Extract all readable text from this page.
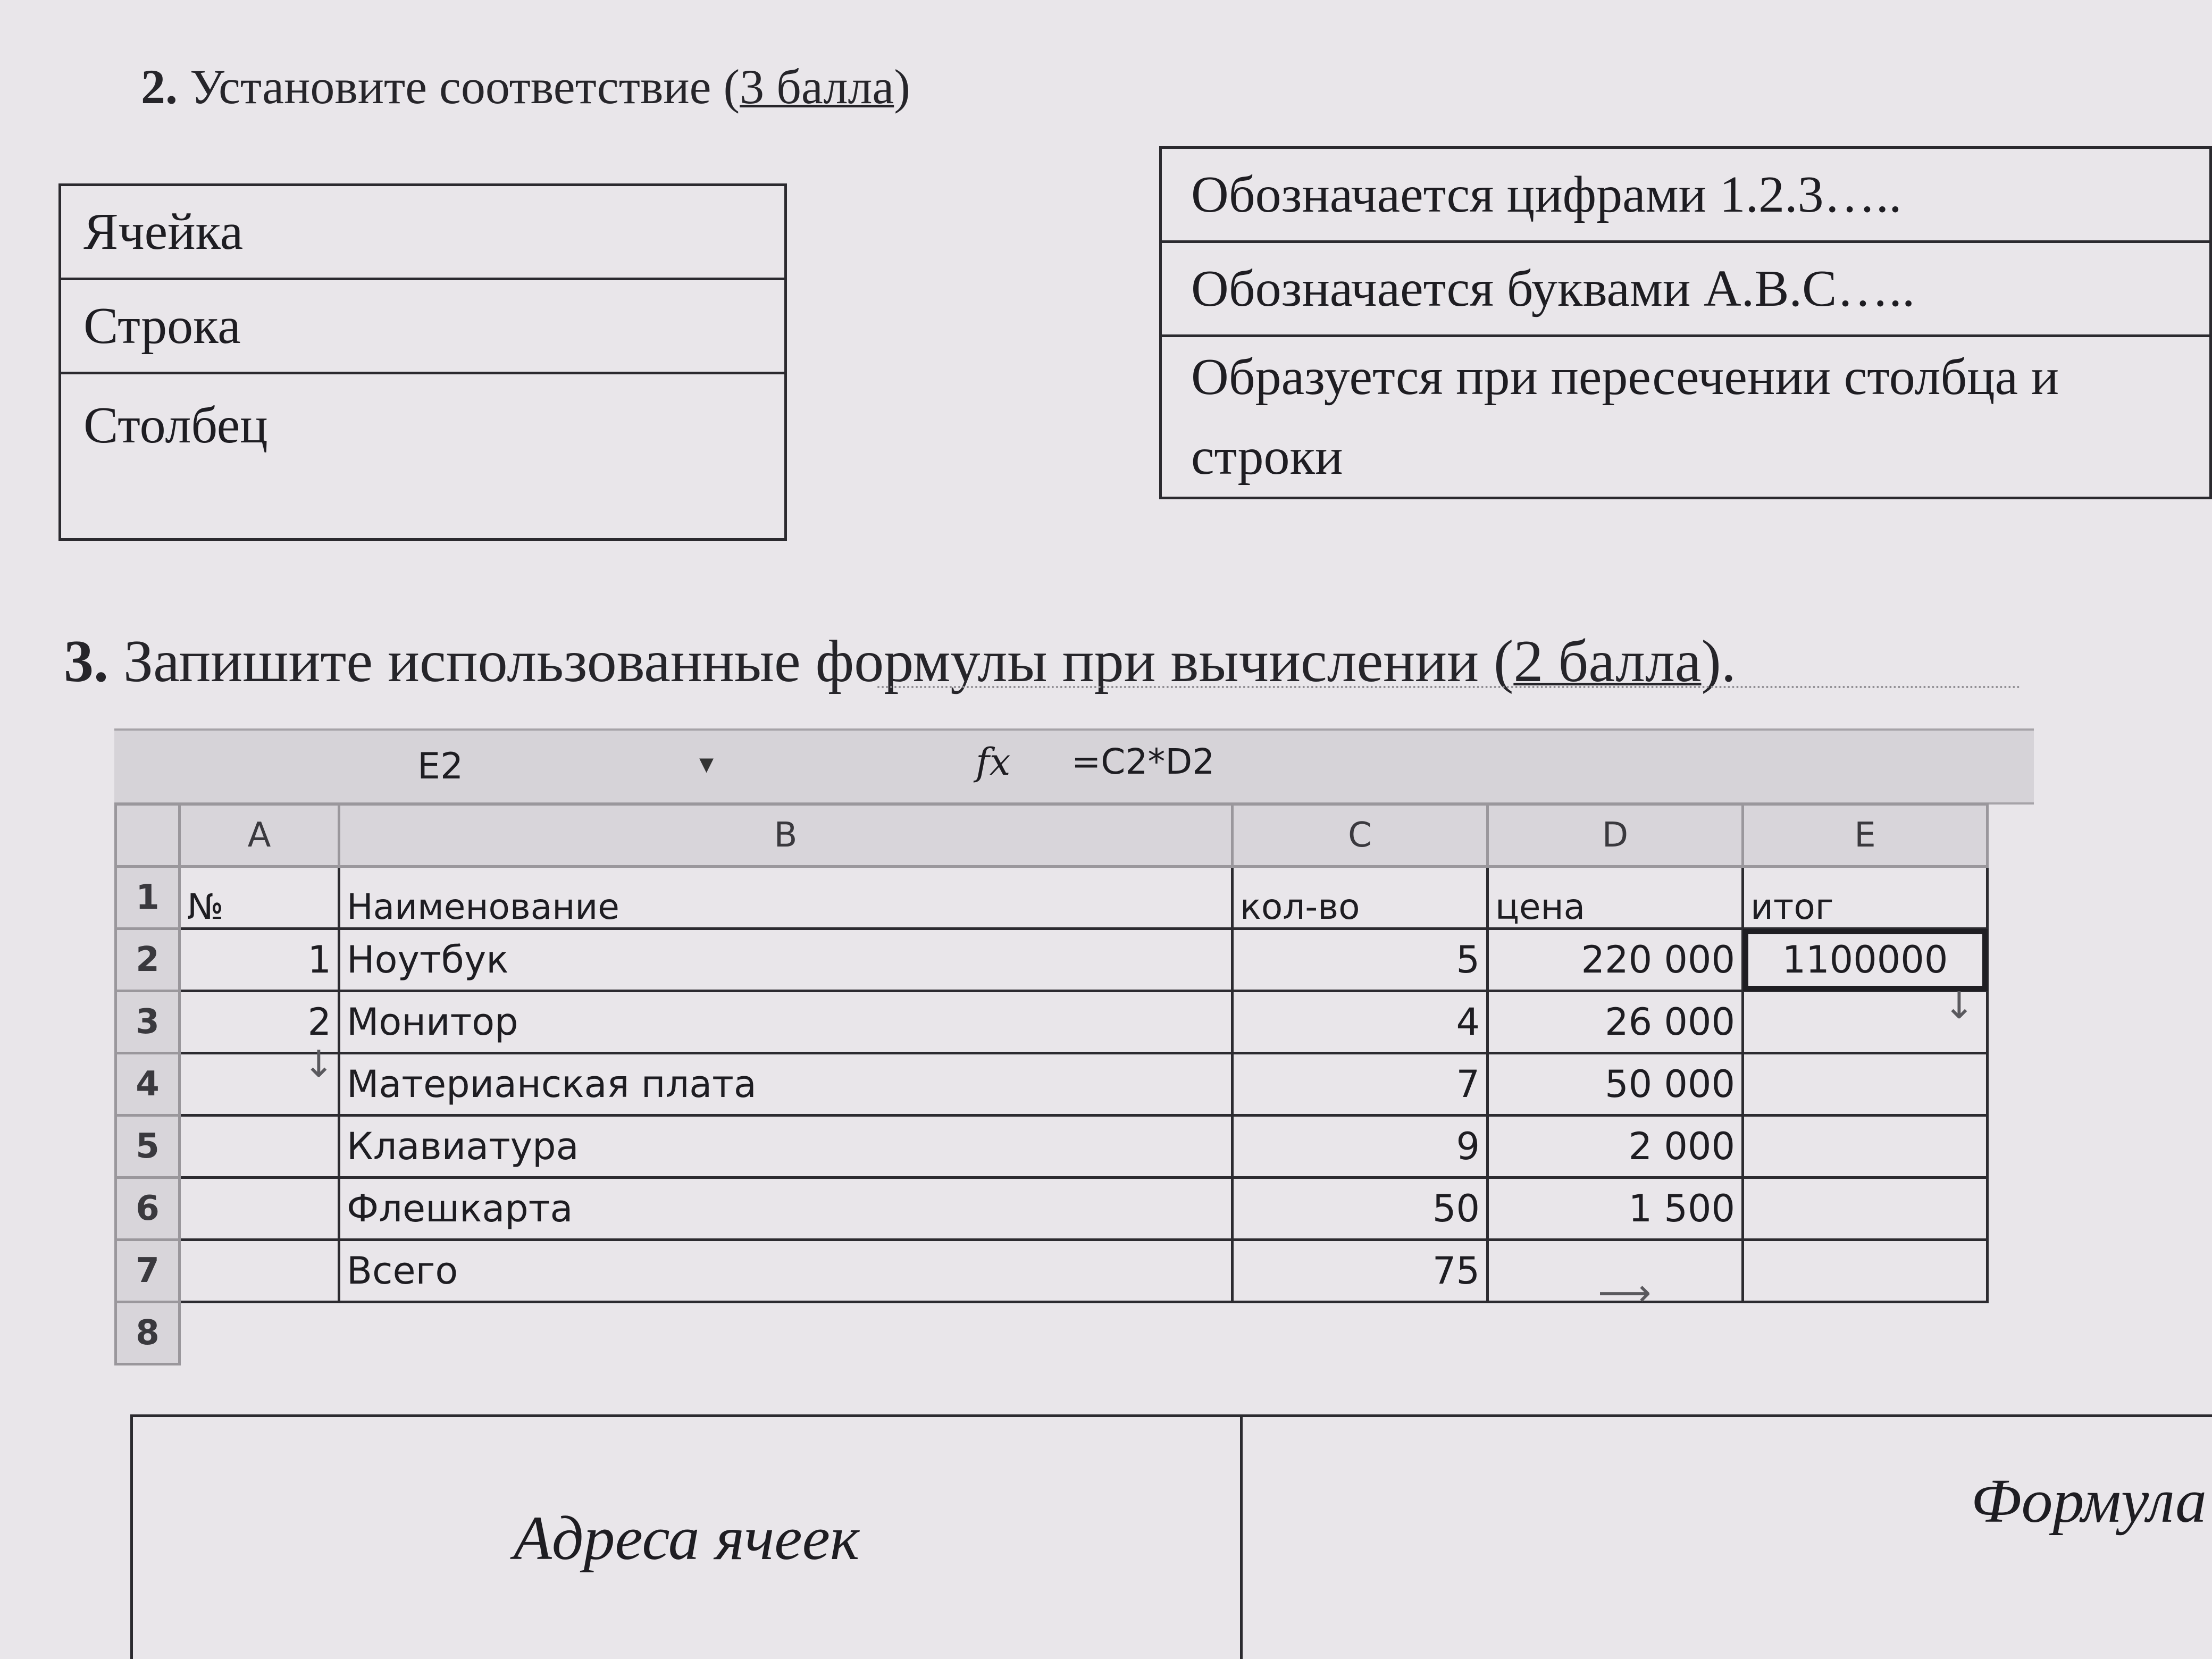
2. Установите соответствие (3 балла)
Ячейка
Строка
Столбец
Обозначается цифрами 1.2.3…..
Обозначается буквами А.В.С…..
Образуется при пересечении столбца и строки
3. Запишите использованные формулы при вычислении (2 балла).
E2	▾	fx =C2*D2
	A	B	C	D	E
1	№	Наименование	кол-во	цена	итог
2	1	Ноутбук	5	220 000	1100000
3	2	Монитор	4	26 000	
4		Материанская плата	7	50 000	
5		Клавиатура	9	2 000	
6		Флешкарта	50	1 500	
7		Всего	75		
8					
↓
↓
⟶
Адреса ячеек	Формула
